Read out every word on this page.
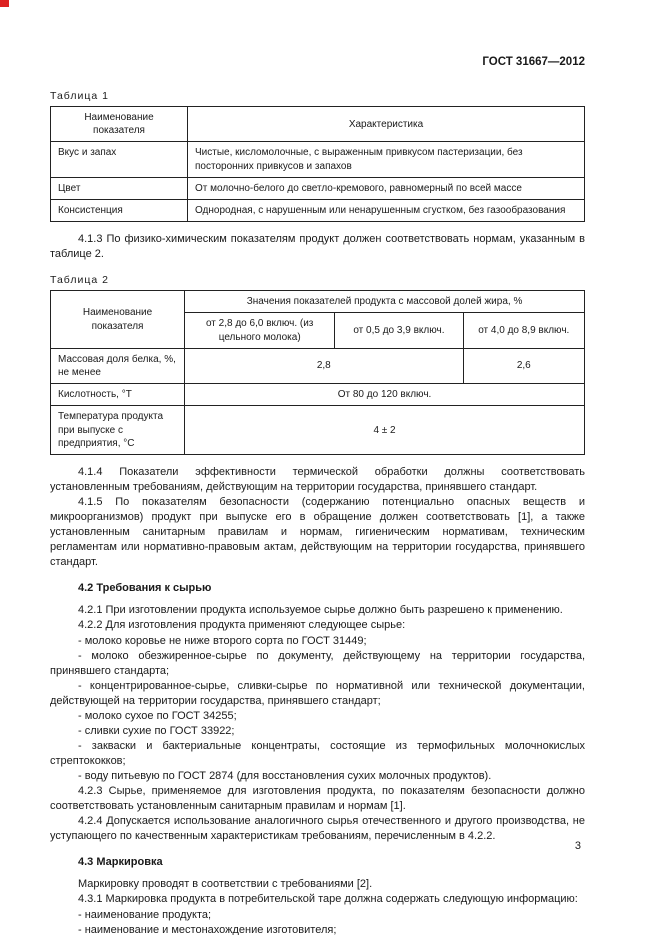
ГОСТ 31667—2012
Таблица 1
Наименование показателя	Характеристика
Вкус и запах	Чистые, кисломолочные, с выраженным привкусом пастеризации, без посторонних привкусов и запахов
Цвет	От молочно-белого до светло-кремового, равномерный по всей массе
Консистенция	Однородная, с нарушенным или ненарушенным сгустком, без газообразования

4.1.3 По физико-химическим показателям продукт должен соответствовать нормам, указанным в таблице 2.

Таблица 2
Наименование показателя	Значения показателей продукта с массовой долей жира, %		
	от 2,8 до 6,0 включ. (из цельного молока)	от 0,5 до 3,9 включ.	от 4,0 до 8,9 включ.
Массовая доля белка, %, не менее	2,8		2,6
Кислотность, °Т	От 80 до 120 включ.		
Температура продукта при выпуске с предприятия, °С	4 ± 2		

4.1.4 Показатели эффективности термической обработки должны соответствовать установленным требованиям, действующим на территории государства, принявшего стандарт.

4.1.5 По показателям безопасности (содержанию потенциально опасных веществ и микроорганизмов) продукт при выпуске его в обращение должен соответствовать [1], а также установленным санитарным правилам и нормам, гигиеническим нормативам, техническим регламентам или нормативно-правовым актам, действующим на территории государства, принявшего стандарт.

4.2 Требования к сырью

4.2.1 При изготовлении продукта используемое сырье должно быть разрешено к применению.

4.2.2 Для изготовления продукта применяют следующее сырье:

- молоко коровье не ниже второго сорта по ГОСТ 31449;

- молоко обезжиренное-сырье по документу, действующему на территории государства, принявшего стандарта;

- концентрированное-сырье, сливки-сырье по нормативной или технической документации, действующей на территории государства, принявшего стандарт;

- молоко сухое по ГОСТ 34255;

- сливки сухие по ГОСТ 33922;

- закваски и бактериальные концентраты, состоящие из термофильных молочнокислых стрептококков;

- воду питьевую по ГОСТ 2874 (для восстановления сухих молочных продуктов).

4.2.3 Сырье, применяемое для изготовления продукта, по показателям безопасности должно соответствовать установленным санитарным правилам и нормам [1].

4.2.4 Допускается использование аналогичного сырья отечественного и другого производства, не уступающего по качественным характеристикам требованиям, перечисленным в 4.2.2.

4.3 Маркировка

Маркировку проводят в соответствии с требованиями [2].

4.3.1 Маркировка продукта в потребительской таре должна содержать следующую информацию:

- наименование продукта;

- наименование и местонахождение изготовителя;

3
